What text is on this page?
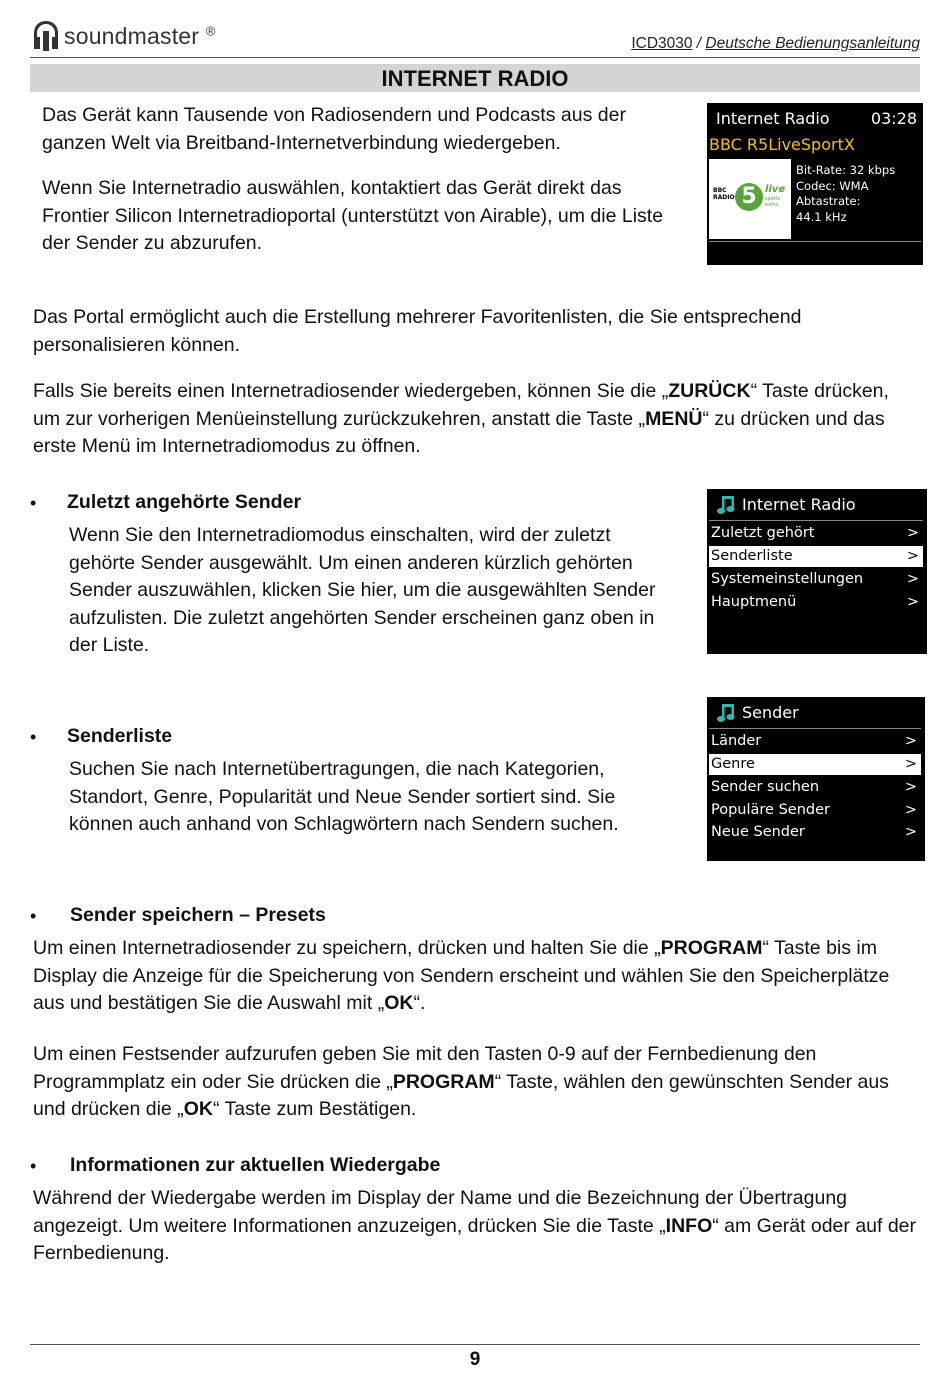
soundmaster ®
ICD3030 / Deutsche Bedienungsanleitung
INTERNET RADIO
Das Gerät kann Tausende von Radiosendern und Podcasts aus der ganzen Welt via Breitband-Internetverbindung wiedergeben.
Wenn Sie Internetradio auswählen, kontaktiert das Gerät direkt das Frontier Silicon Internetradioportal (unterstützt von Airable), um die Liste der Sender zu abzurufen.
Internet Radio	03:28
BBC R5LiveSportX
BBC RADIO 5 live
sports extra
Bit-Rate: 32 kbps
Codec: WMA
Abtastrate:
44.1 kHz
Das Portal ermöglicht auch die Erstellung mehrerer Favoritenlisten, die Sie entsprechend personalisieren können.
Falls Sie bereits einen Internetradiosender wiedergeben, können Sie die „ZURÜCK“ Taste drücken, um zur vorherigen Menüeinstellung zurückzukehren, anstatt die Taste „MENÜ“ zu drücken und das erste Menü im Internetradiomodus zu öffnen.
• Zuletzt angehörte Sender
Wenn Sie den Internetradiomodus einschalten, wird der zuletzt gehörte Sender ausgewählt. Um einen anderen kürzlich gehörten Sender auszuwählen, klicken Sie hier, um die ausgewählten Sender aufzulisten. Die zuletzt angehörten Sender erscheinen ganz oben in der Liste.
Internet Radio
Zuletzt gehört	>
Senderliste	>
Systemeinstellungen	>
Hauptmenü	>
• Senderliste
Suchen Sie nach Internetübertragungen, die nach Kategorien, Standort, Genre, Popularität und Neue Sender sortiert sind. Sie können auch anhand von Schlagwörtern nach Sendern suchen.
Sender
Länder	>
Genre	>
Sender suchen	>
Populäre Sender	>
Neue Sender	>
• Sender speichern – Presets
Um einen Internetradiosender zu speichern, drücken und halten Sie die „PROGRAM“ Taste bis im Display die Anzeige für die Speicherung von Sendern erscheint und wählen Sie den Speicherplätze aus und bestätigen Sie die Auswahl mit „OK“.
Um einen Festsender aufzurufen geben Sie mit den Tasten 0-9 auf der Fernbedienung den Programmplatz ein oder Sie drücken die „PROGRAM“ Taste, wählen den gewünschten Sender aus und drücken die „OK“ Taste zum Bestätigen.
• Informationen zur aktuellen Wiedergabe
Während der Wiedergabe werden im Display der Name und die Bezeichnung der Übertragung angezeigt. Um weitere Informationen anzuzeigen, drücken Sie die Taste „INFO“ am Gerät oder auf der Fernbedienung.
9
